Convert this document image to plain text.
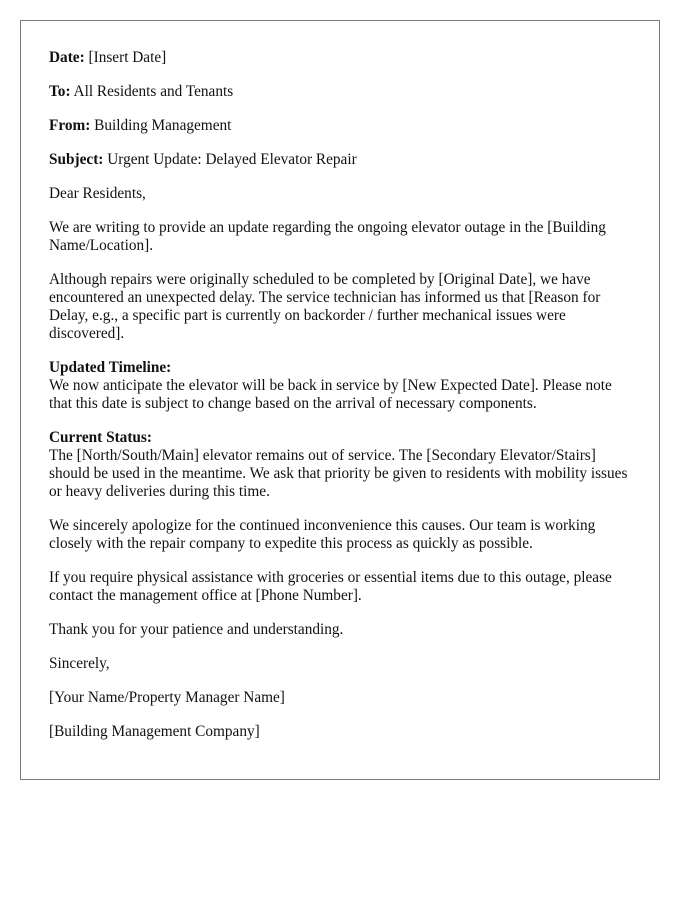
Date: [Insert Date]

To: All Residents and Tenants

From: Building Management

Subject: Urgent Update: Delayed Elevator Repair

Dear Residents,

We are writing to provide an update regarding the ongoing elevator outage in the [Building Name/Location].

Although repairs were originally scheduled to be completed by [Original Date], we have encountered an unexpected delay. The service technician has informed us that [Reason for Delay, e.g., a specific part is currently on backorder / further mechanical issues were discovered].

Updated Timeline:
We now anticipate the elevator will be back in service by [New Expected Date]. Please note that this date is subject to change based on the arrival of necessary components.

Current Status:
The [North/South/Main] elevator remains out of service. The [Secondary Elevator/Stairs] should be used in the meantime. We ask that priority be given to residents with mobility issues or heavy deliveries during this time.

We sincerely apologize for the continued inconvenience this causes. Our team is working closely with the repair company to expedite this process as quickly as possible.

If you require physical assistance with groceries or essential items due to this outage, please contact the management office at [Phone Number].

Thank you for your patience and understanding.

Sincerely,

[Your Name/Property Manager Name]

[Building Management Company]
